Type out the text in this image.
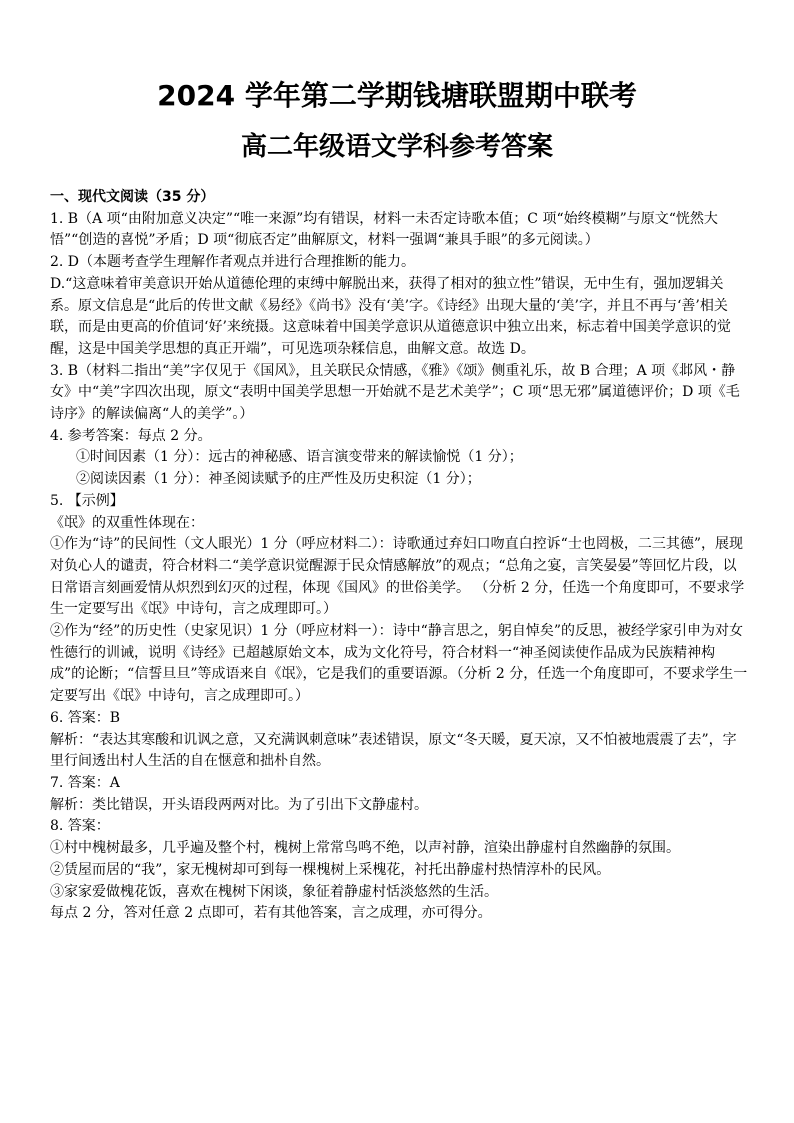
2024 学年第二学期钱塘联盟期中联考
高二年级语文学科参考答案

一、现代文阅读（35 分）

1. B（A 项“由附加意义决定”“唯一来源”均有错误，材料一未否定诗歌本值；C 项“始终模糊”与原文“恍然大悟”“创造的喜悦”矛盾；D 项“彻底否定”曲解原文，材料一强调“兼具手眼”的多元阅读。）

2. D（本题考查学生理解作者观点并进行合理推断的能力。

D.“这意味着审美意识开始从道德伦理的束缚中解脱出来，获得了相对的独立性”错误，无中生有，强加逻辑关系。原文信息是“此后的传世文献《易经》《尚书》没有‘美’字。《诗经》出现大量的‘美’字，并且不再与‘善’相关联，而是由更高的价值词‘好’来统摄。这意味着中国美学意识从道德意识中独立出来，标志着中国美学意识的觉醒，这是中国美学思想的真正开端”，可见选项杂糅信息，曲解文意。故选 D。

3. B（材料二指出“美”字仅见于《国风》，且关联民众情感，《雅》《颂》侧重礼乐，故 B 合理；A 项《邶风・静女》中“美”字四次出现，原文“表明中国美学思想一开始就不是艺术美学”；C 项“思无邪”属道德评价；D 项《毛诗序》的解读偏离“人的美学”。）

4. 参考答案：每点 2 分。

①时间因素（1 分）：远古的神秘感、语言演变带来的解读愉悦（1 分）；

②阅读因素（1 分）：神圣阅读赋予的庄严性及历史积淀（1 分）；

5. 【示例】

《氓》的双重性体现在：

①作为“诗”的民间性（文人眼光）1 分（呼应材料二）：诗歌通过弃妇口吻直白控诉“士也罔极，二三其德”，展现对负心人的谴责，符合材料二“美学意识觉醒源于民众情感解放”的观点；“总角之宴，言笑晏晏”等回忆片段，以日常语言刻画爱情从炽烈到幻灭的过程，体现《国风》的世俗美学。 （分析 2 分，任选一个角度即可，不要求学生一定要写出《氓》中诗句，言之成理即可。）

②作为“经”的历史性（史家见识）1 分（呼应材料一）：诗中“静言思之，躬自悼矣”的反思，被经学家引申为对女性德行的训诫，说明《诗经》已超越原始文本，成为文化符号，符合材料一“神圣阅读使作品成为民族精神构成”的论断；“信誓旦旦”等成语来自《氓》，它是我们的重要语源。（分析 2 分，任选一个角度即可，不要求学生一定要写出《氓》中诗句，言之成理即可。）

6. 答案：B

解析：“表达其寒酸和讥讽之意，又充满讽刺意味”表述错误，原文“冬天暖，夏天凉，又不怕被地震震了去”，字里行间透出村人生活的自在惬意和拙朴自然。

7. 答案：A

解析：类比错误，开头语段两两对比。为了引出下文静虚村。

8. 答案：

①村中槐树最多，几乎遍及整个村，槐树上常常鸟鸣不绝，以声衬静，渲染出静虚村自然幽静的氛围。

②赁屋而居的“我”，家无槐树却可到每一棵槐树上采槐花，衬托出静虚村热情淳朴的民风。

③家家爱做槐花饭，喜欢在槐树下闲谈，象征着静虚村恬淡悠然的生活。

每点 2 分，答对任意 2 点即可，若有其他答案，言之成理，亦可得分。
